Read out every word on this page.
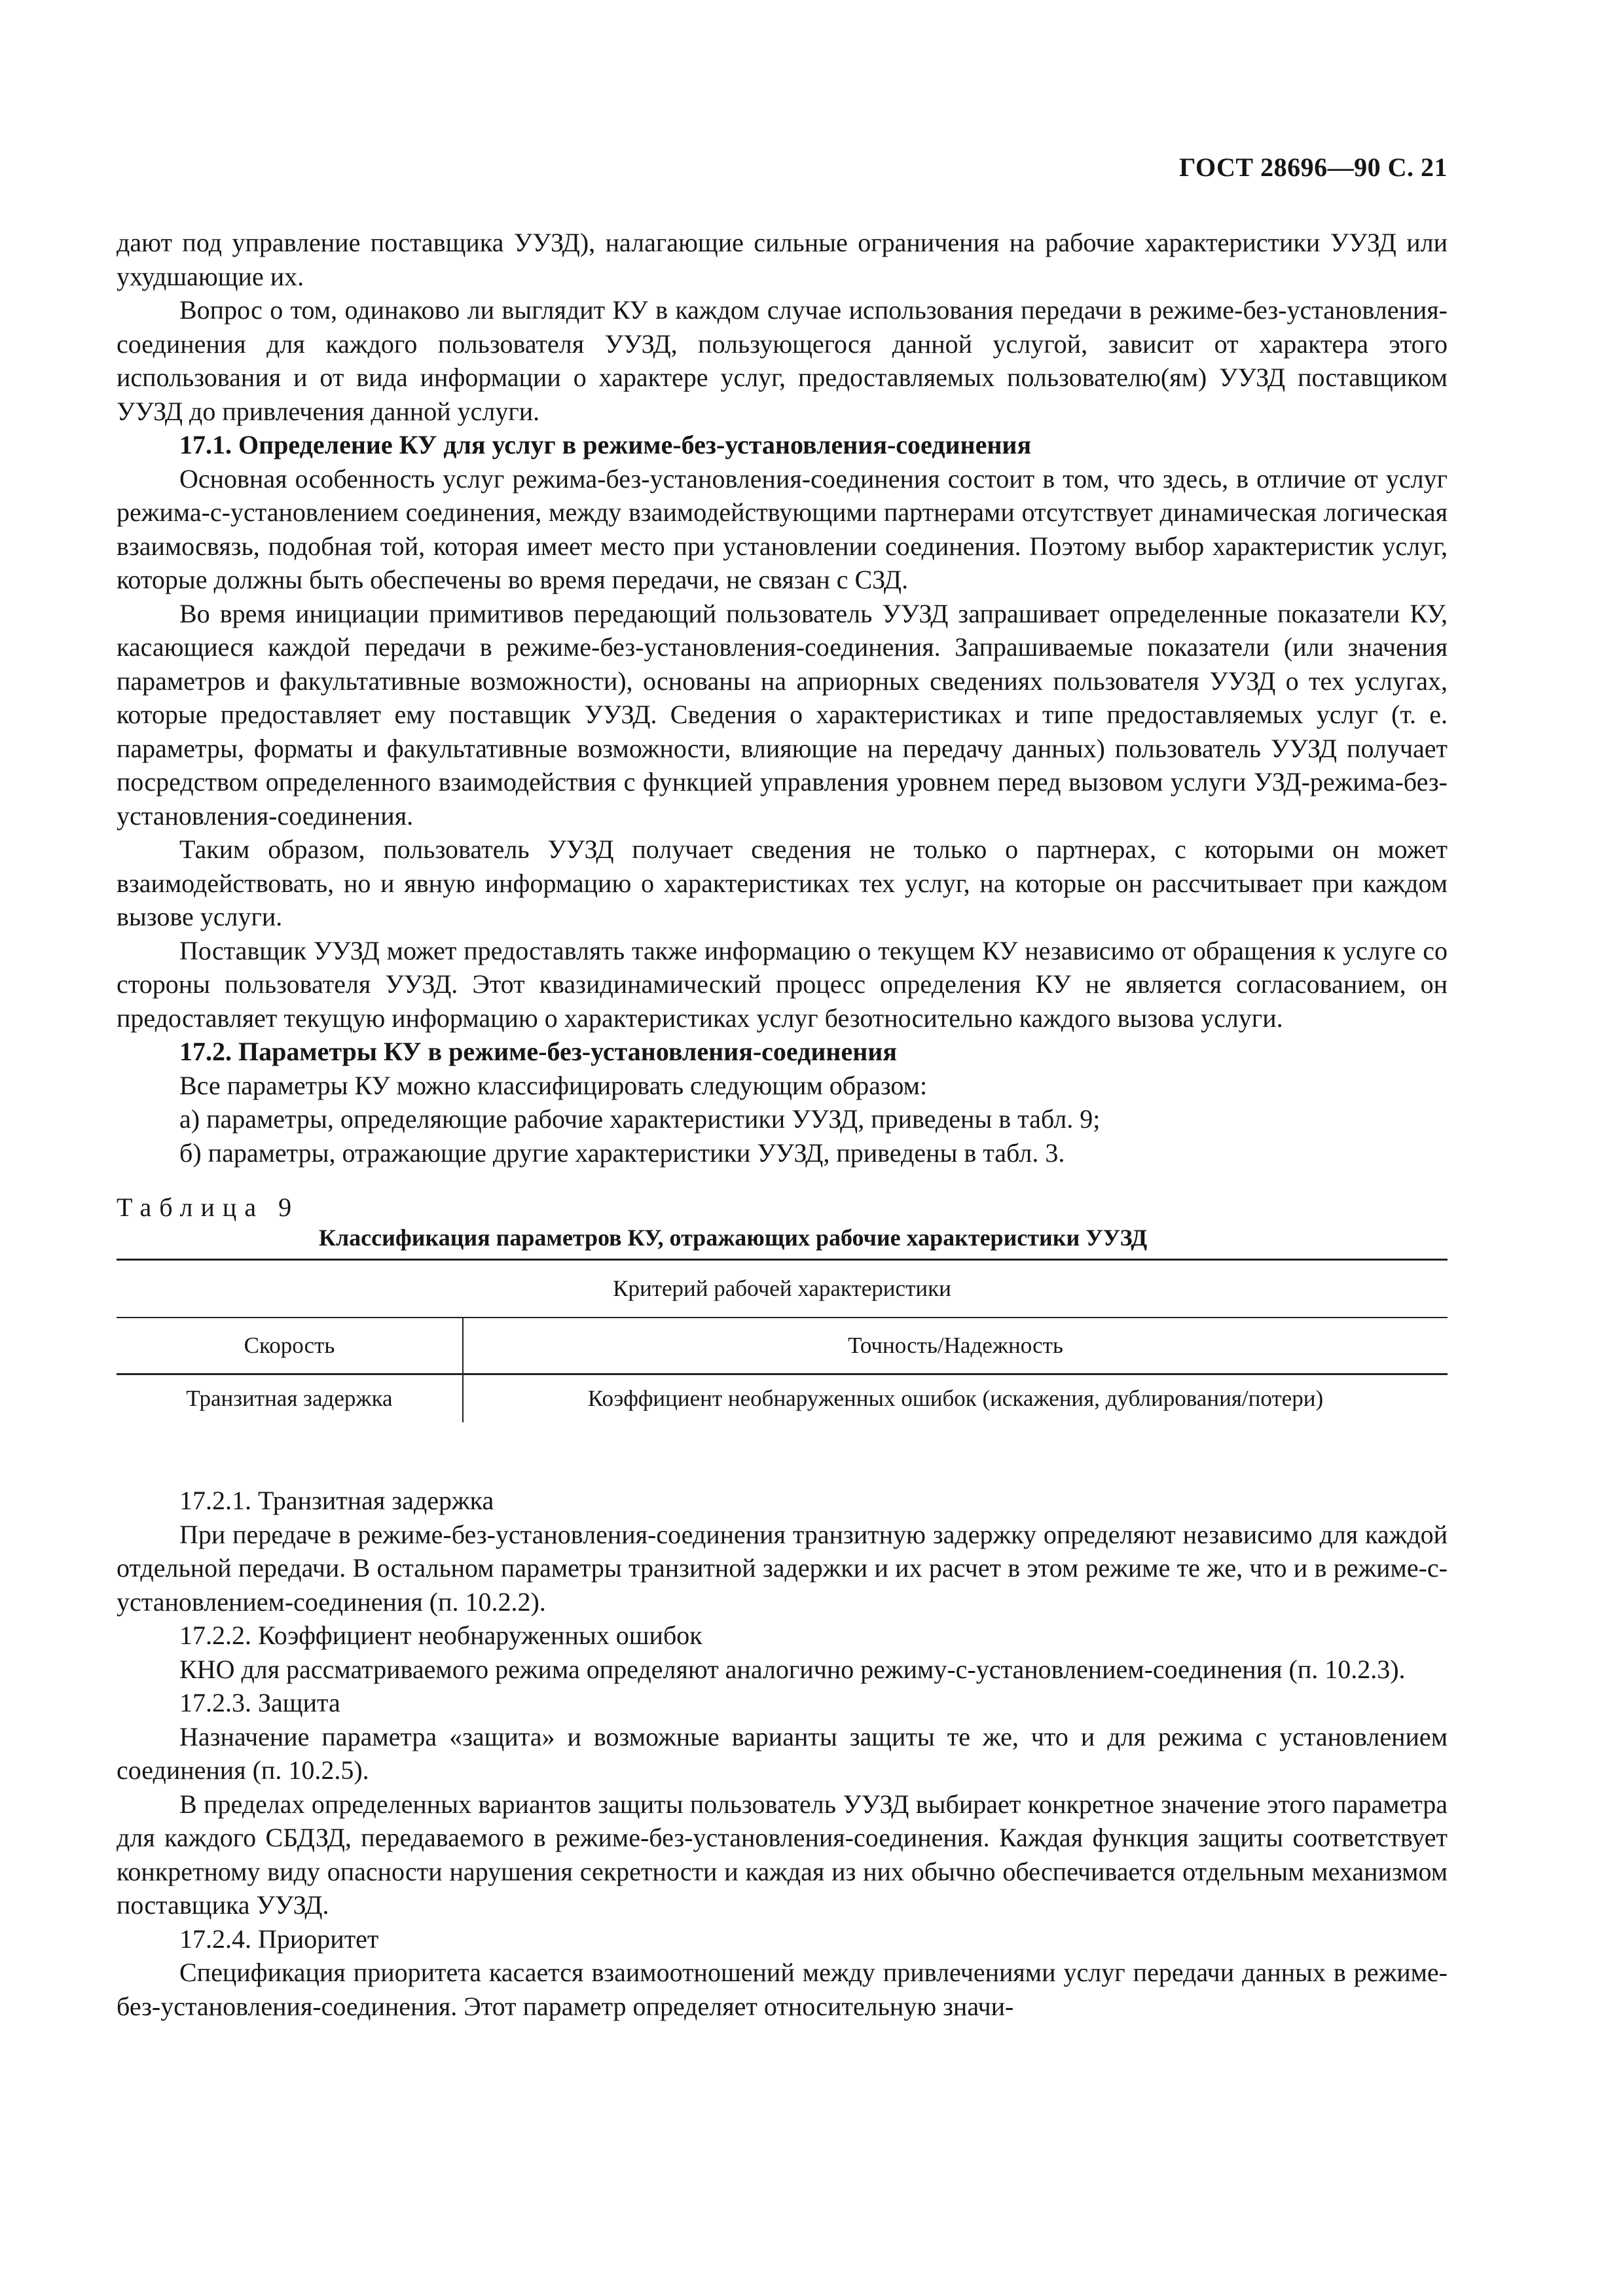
ГОСТ 28696—90 С. 21

дают под управление поставщика УУЗД), налагающие сильные ограничения на рабочие характеристики УУЗД или ухудшающие их.

Вопрос о том, одинаково ли выглядит КУ в каждом случае использования передачи в режиме-без-установления-соединения для каждого пользователя УУЗД, пользующегося данной услугой, зависит от характера этого использования и от вида информации о характере услуг, предоставляемых пользователю(ям) УУЗД поставщиком УУЗД до привлечения данной услуги.

17.1. Определение КУ для услуг в режиме-без-установления-соединения

Основная особенность услуг режима-без-установления-соединения состоит в том, что здесь, в отличие от услуг режима-с-установлением соединения, между взаимодействующими партнерами отсутствует динамическая логическая взаимосвязь, подобная той, которая имеет место при установлении соединения. Поэтому выбор характеристик услуг, которые должны быть обеспечены во время передачи, не связан с СЗД.

Во время инициации примитивов передающий пользователь УУЗД запрашивает определенные показатели КУ, касающиеся каждой передачи в режиме-без-установления-соединения. Запрашиваемые показатели (или значения параметров и факультативные возможности), основаны на априорных сведениях пользователя УУЗД о тех услугах, которые предоставляет ему поставщик УУЗД. Сведения о характеристиках и типе предоставляемых услуг (т. е. параметры, форматы и факультативные возможности, влияющие на передачу данных) пользователь УУЗД получает посредством определенного взаимодействия с функцией управления уровнем перед вызовом услуги УЗД-режима-без-установления-соединения.

Таким образом, пользователь УУЗД получает сведения не только о партнерах, с которыми он может взаимодействовать, но и явную информацию о характеристиках тех услуг, на которые он рассчитывает при каждом вызове услуги.

Поставщик УУЗД может предоставлять также информацию о текущем КУ независимо от обращения к услуге со стороны пользователя УУЗД. Этот квазидинамический процесс определения КУ не является согласованием, он предоставляет текущую информацию о характеристиках услуг безотносительно каждого вызова услуги.

17.2. Параметры КУ в режиме-без-установления-соединения

Все параметры КУ можно классифицировать следующим образом:

а) параметры, определяющие рабочие характеристики УУЗД, приведены в табл. 9;

б) параметры, отражающие другие характеристики УУЗД, приведены в табл. 3.

Таблица 9

Классификация параметров КУ, отражающих рабочие характеристики УУЗД

Критерий рабочей характеристики	
Скорость	Точность/Надежность
Транзитная задержка	Коэффициент необнаруженных ошибок (искажения, дублирования/потери)

17.2.1. Транзитная задержка

При передаче в режиме-без-установления-соединения транзитную задержку определяют независимо для каждой отдельной передачи. В остальном параметры транзитной задержки и их расчет в этом режиме те же, что и в режиме-с-установлением-соединения (п. 10.2.2).

17.2.2. Коэффициент необнаруженных ошибок

КНО для рассматриваемого режима определяют аналогично режиму-с-установлением-соединения (п. 10.2.3).

17.2.3. Защита

Назначение параметра «защита» и возможные варианты защиты те же, что и для режима с установлением соединения (п. 10.2.5).

В пределах определенных вариантов защиты пользователь УУЗД выбирает конкретное значение этого параметра для каждого СБДЗД, передаваемого в режиме-без-установления-соединения. Каждая функция защиты соответствует конкретному виду опасности нарушения секретности и каждая из них обычно обеспечивается отдельным механизмом поставщика УУЗД.

17.2.4. Приоритет

Спецификация приоритета касается взаимоотношений между привлечениями услуг передачи данных в режиме-без-установления-соединения. Этот параметр определяет относительную значи-
